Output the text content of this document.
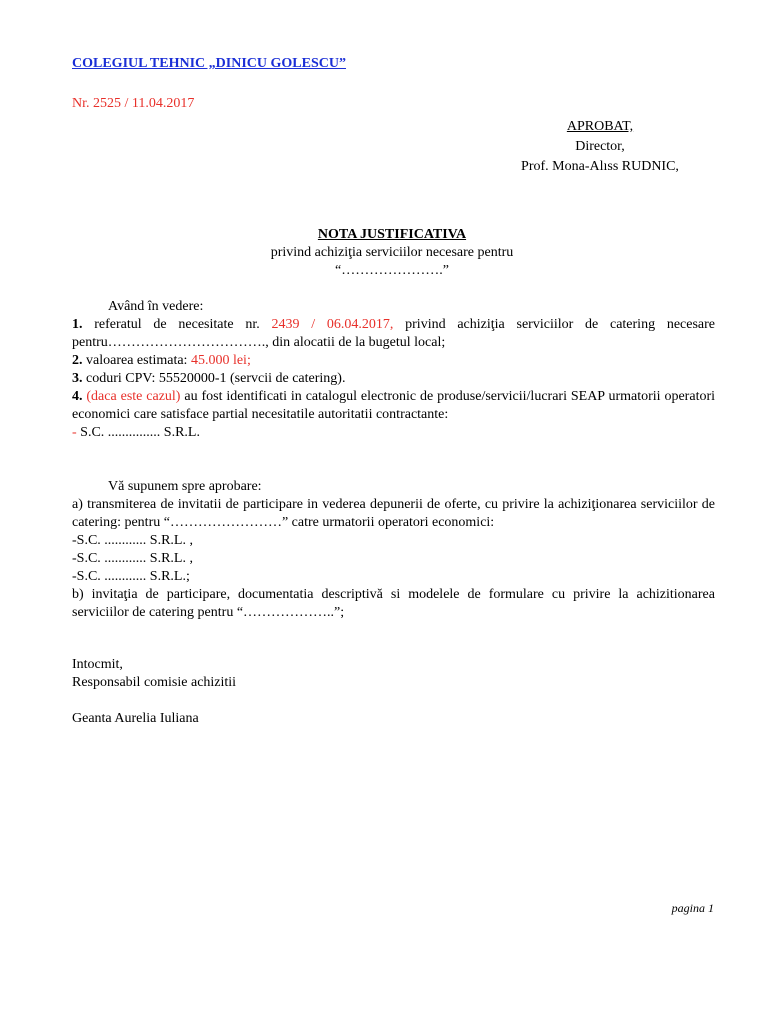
COLEGIUL TEHNIC „DINICU GOLESCU”
Nr. 2525 / 11.04.2017
APROBAT,
Director,
Prof. Mona-Alıss RUDNIC,
NOTA JUSTIFICATIVA
privind achiziţia serviciilor necesare pentru
“………………….”
Având în vedere:
1. referatul de necesitate nr. 2439 / 06.04.2017, privind achiziţia serviciilor de catering necesare pentru……………………………., din alocatii de la bugetul local;
2. valoarea estimata: 45.000 lei;
3. coduri CPV: 55520000-1 (servcii de catering).
4. (daca este cazul) au fost identificati in catalogul electronic de produse/servicii/lucrari SEAP urmatorii operatori economici care satisface partial necesitatile autoritatii contractante:
- S.C. ............... S.R.L.
Vă supunem spre aprobare:
a) transmiterea de invitatii de participare in vederea depunerii de oferte, cu privire la achiziţionarea serviciilor de catering: pentru “……………………” catre urmatorii operatori economici:
-S.C. ............ S.R.L. ,
-S.C. ............ S.R.L. ,
-S.C. ............ S.R.L.;
b) invitaţia de participare, documentatia descriptivă si modelele de formulare cu privire la achizitionarea serviciilor de catering pentru “………………..”;
Intocmit,
Responsabil comisie achizitii
Geanta Aurelia Iuliana
pagina 1
